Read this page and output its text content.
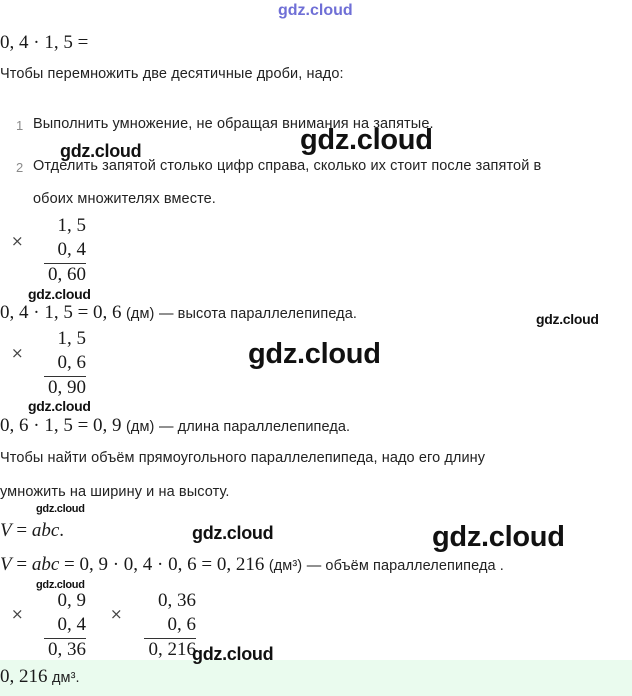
gdz.cloud
0, 4 · 1, 5 =
Чтобы перемножить две десятичные дроби, надо:
1 Выполнить умножение, не обращая внимания на запятые.
2 Отделить запятой столько цифр справа, сколько их стоит после запятой в
обоих множителях вместе.
×
1, 5
0, 4
0, 60
0, 4 · 1, 5 = 0, 6 (дм) — высота параллелепипеда.
×
1, 5
0, 6
0, 90
0, 6 · 1, 5 = 0, 9 (дм) — длина параллелепипеда.
Чтобы найти объём прямоугольного параллелепипеда, надо его длину
умножить на ширину и на высоту.
V = abc.
V = abc = 0, 9 · 0, 4 · 0, 6 = 0, 216 (дм³) — объём параллелепипеда .
×
0, 9
0, 4
0, 36
×
0, 36
0, 6
0, 216
0, 216 дм³.
gdz.cloud
gdz.cloud
gdz.cloud
gdz.cloud
gdz.cloud
gdz.cloud
gdz.cloud
gdz.cloud	gdz.cloud
gdz.cloud
gdz.cloud
